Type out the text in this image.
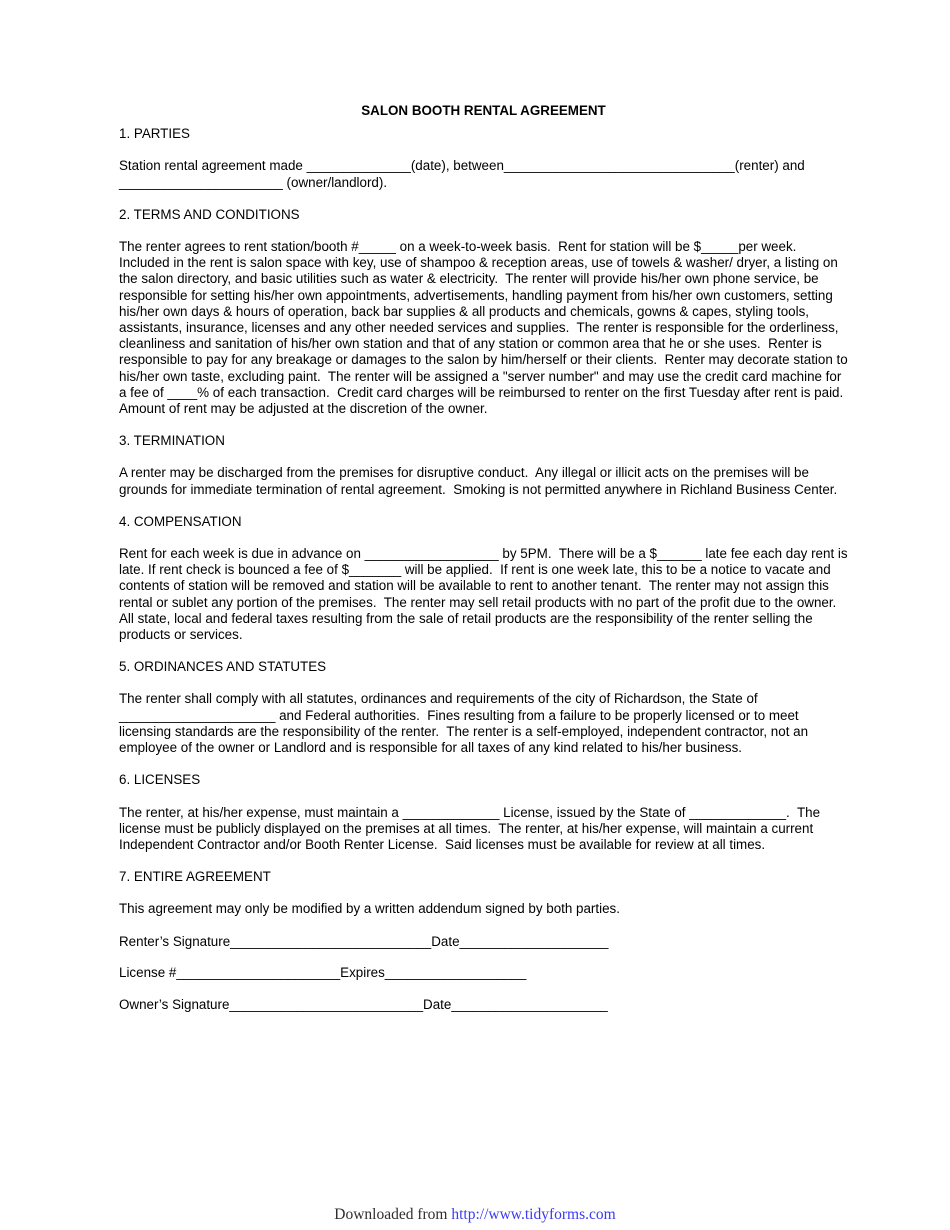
SALON BOOTH RENTAL AGREEMENT
1. PARTIES
Station rental agreement made ______________(date), between_______________________________(renter) and ______________________ (owner/landlord).
2. TERMS AND CONDITIONS
The renter agrees to rent station/booth #_____ on a week-to-week basis.  Rent for station will be $_____per week.  Included in the rent is salon space with key, use of shampoo & reception areas, use of towels & washer/ dryer, a listing on the salon directory, and basic utilities such as water & electricity.  The renter will provide his/her own phone service, be responsible for setting his/her own appointments, advertisements, handling payment from his/her own customers, setting his/her own days & hours of operation, back bar supplies & all products and chemicals, gowns & capes, styling tools, assistants, insurance, licenses and any other needed services and supplies.  The renter is responsible for the orderliness, cleanliness and sanitation of his/her own station and that of any station or common area that he or she uses.  Renter is responsible to pay for any breakage or damages to the salon by him/herself or their clients.  Renter may decorate station to his/her own taste, excluding paint.  The renter will be assigned a "server number" and may use the credit card machine for a fee of ____% of each transaction.  Credit card charges will be reimbursed to renter on the first Tuesday after rent is paid.  Amount of rent may be adjusted at the discretion of the owner.
3. TERMINATION
A renter may be discharged from the premises for disruptive conduct.  Any illegal or illicit acts on the premises will be grounds for immediate termination of rental agreement.  Smoking is not permitted anywhere in Richland Business Center.
4. COMPENSATION
Rent for each week is due in advance on __________________ by 5PM.  There will be a $______ late fee each day rent is late. If rent check is bounced a fee of $_______ will be applied.  If rent is one week late, this to be a notice to vacate and contents of station will be removed and station will be available to rent to another tenant.  The renter may not assign this rental or sublet any portion of the premises.  The renter may sell retail products with no part of the profit due to the owner.  All state, local and federal taxes resulting from the sale of retail products are the responsibility of the renter selling the products or services.
5. ORDINANCES AND STATUTES
The renter shall comply with all statutes, ordinances and requirements of the city of Richardson, the State of _____________________ and Federal authorities.  Fines resulting from a failure to be properly licensed or to meet licensing standards are the responsibility of the renter.  The renter is a self-employed, independent contractor, not an employee of the owner or Landlord and is responsible for all taxes of any kind related to his/her business.
6. LICENSES
The renter, at his/her expense, must maintain a _____________ License, issued by the State of _____________.  The license must be publicly displayed on the premises at all times.  The renter, at his/her expense, will maintain a current Independent Contractor and/or Booth Renter License.  Said licenses must be available for review at all times.
7. ENTIRE AGREEMENT
This agreement may only be modified by a written addendum signed by both parties.
Renter’s Signature___________________________Date____________________
License #______________________Expires___________________
Owner’s Signature__________________________Date_____________________
Downloaded from http://www.tidyforms.com
